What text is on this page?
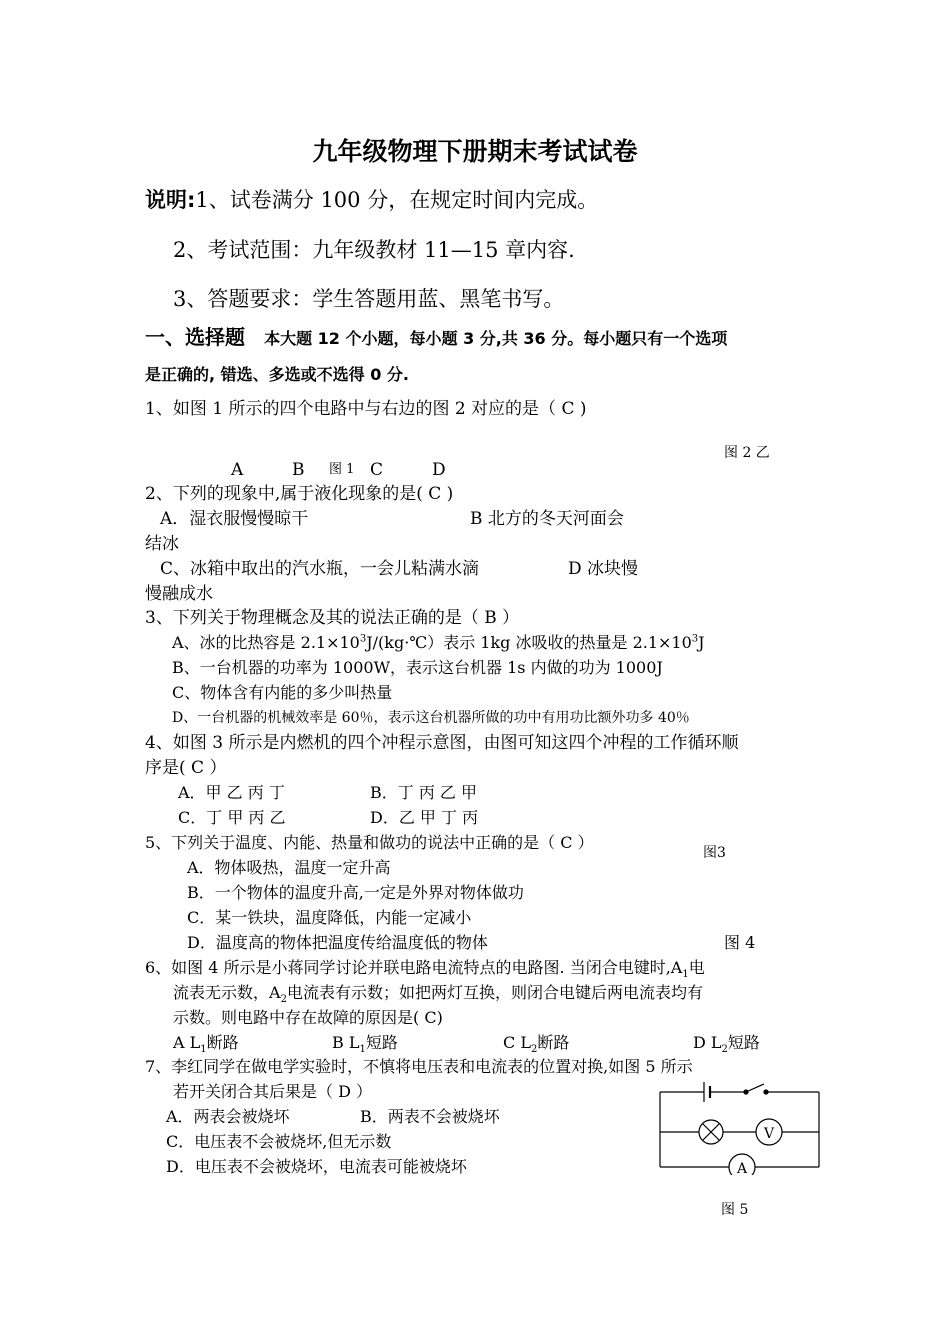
九年级物理下册期末考试试卷
说明:1、试卷满分 100 分，在规定时间内完成。
2、考试范围：九年级教材 11—15 章内容.
3、答题要求：学生答题用蓝、黑笔书写。
一、选择题 本大题 12 个小题，每小题 3 分,共 36 分。每小题只有一个选项
是正确的, 错选、多选或不选得 0 分.
1、如图 1 所示的四个电路中与右边的图 2 对应的是（ C )
图 2 乙
A	B 图 1 C	D
2、下列的现象中,属于液化现象的是( C )
A．湿衣服慢慢晾干	B 北方的冬天河面会
结冰
C、冰箱中取出的汽水瓶，一会儿粘满水滴	D 冰块慢
慢融成水
3、下列关于物理概念及其的说法正确的是（ B ）
A、冰的比热容是 $2.1\times 10^3J/(kg\cdot℃)$表示 1kg 冰吸收的热量是 $2.1\times 10^3J$
B、一台机器的功率为 1000W，表示这台机器 1s 内做的功为 1000J
C、物体含有内能的多少叫热量
D、一台机器的机械效率是 60％，表示这台机器所做的功中有用功比额外功多 40％
4、如图 3 所示是内燃机的四个冲程示意图，由图可知这四个冲程的工作循环顺
序是( C ）
A．甲 乙 丙 丁	B．丁 丙 乙 甲
C．丁 甲 丙 乙	D．乙 甲 丁 丙
5、下列关于温度、内能、热量和做功的说法中正确的是（ C ）
图3
A．物体吸热，温度一定升高
B．一个物体的温度升高,一定是外界对物体做功
C．某一铁块，温度降低，内能一定减小
D．温度高的物体把温度传给温度低的物体	图 4
6、如图 4 所示是小蒋同学讨论并联电路电流特点的电路图. 当闭合电键时$,A_1$电
流表无示数，$A_2$电流表有示数；如把两灯互换，则闭合电键后两电流表均有
示数。则电路中存在故障的原因是( C)
A $L_1$断路	B $L_1$短路	C $L_2$断路	D $L_2$短路
7、李红同学在做电学实验时，不慎将电压表和电流表的位置对换,如图 5 所示
若开关闭合其后果是（ D ）
A．两表会被烧坏	B．两表不会被烧坏
C．电压表不会被烧坏,但无示数
D．电压表不会被烧坏，电流表可能被烧坏
V
A
图 5
